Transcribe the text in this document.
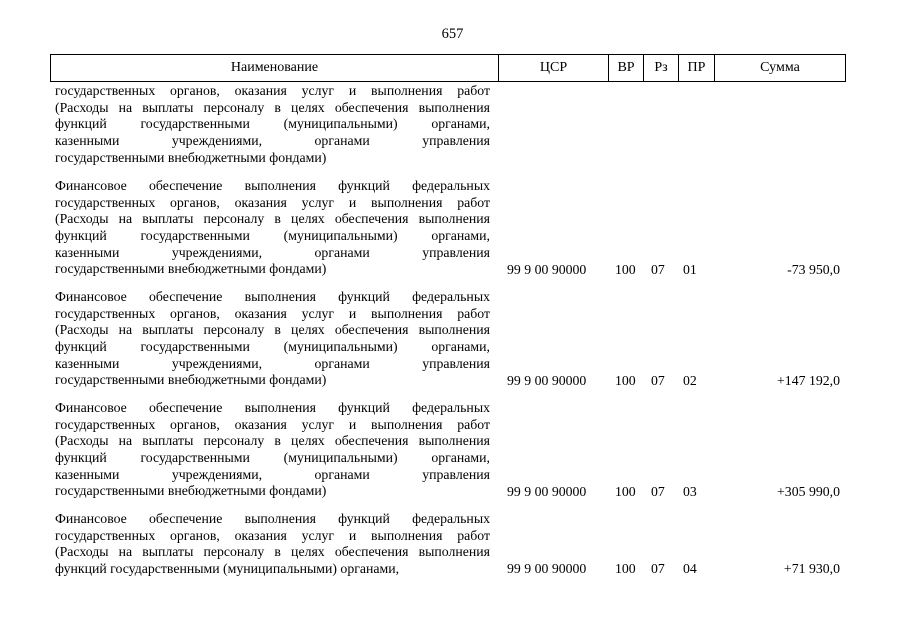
657
Наименование	ЦСР	ВР	Рз	ПР	Сумма
государственных органов, оказания услуг и выполнения работ
(Расходы на выплаты персоналу в целях обеспечения выполнения
функций государственными (муниципальными) органами,
казенными учреждениями, органами управления
государственными внебюджетными фондами)
Финансовое обеспечение выполнения функций федеральных
государственных органов, оказания услуг и выполнения работ
(Расходы на выплаты персоналу в целях обеспечения выполнения
функций государственными (муниципальными) органами,
казенными учреждениями, органами управления
государственными внебюджетными фондами)	99 9 00 90000 100 07 01	-73 950,0
Финансовое обеспечение выполнения функций федеральных
государственных органов, оказания услуг и выполнения работ
(Расходы на выплаты персоналу в целях обеспечения выполнения
функций государственными (муниципальными) органами,
казенными учреждениями, органами управления
государственными внебюджетными фондами)	99 9 00 90000 100 07 02	+147 192,0
Финансовое обеспечение выполнения функций федеральных
государственных органов, оказания услуг и выполнения работ
(Расходы на выплаты персоналу в целях обеспечения выполнения
функций государственными (муниципальными) органами,
казенными учреждениями, органами управления
государственными внебюджетными фондами)	99 9 00 90000 100 07 03	+305 990,0
Финансовое обеспечение выполнения функций федеральных
государственных органов, оказания услуг и выполнения работ
(Расходы на выплаты персоналу в целях обеспечения выполнения
функций государственными (муниципальными) органами,	99 9 00 90000 100 07 04	+71 930,0
